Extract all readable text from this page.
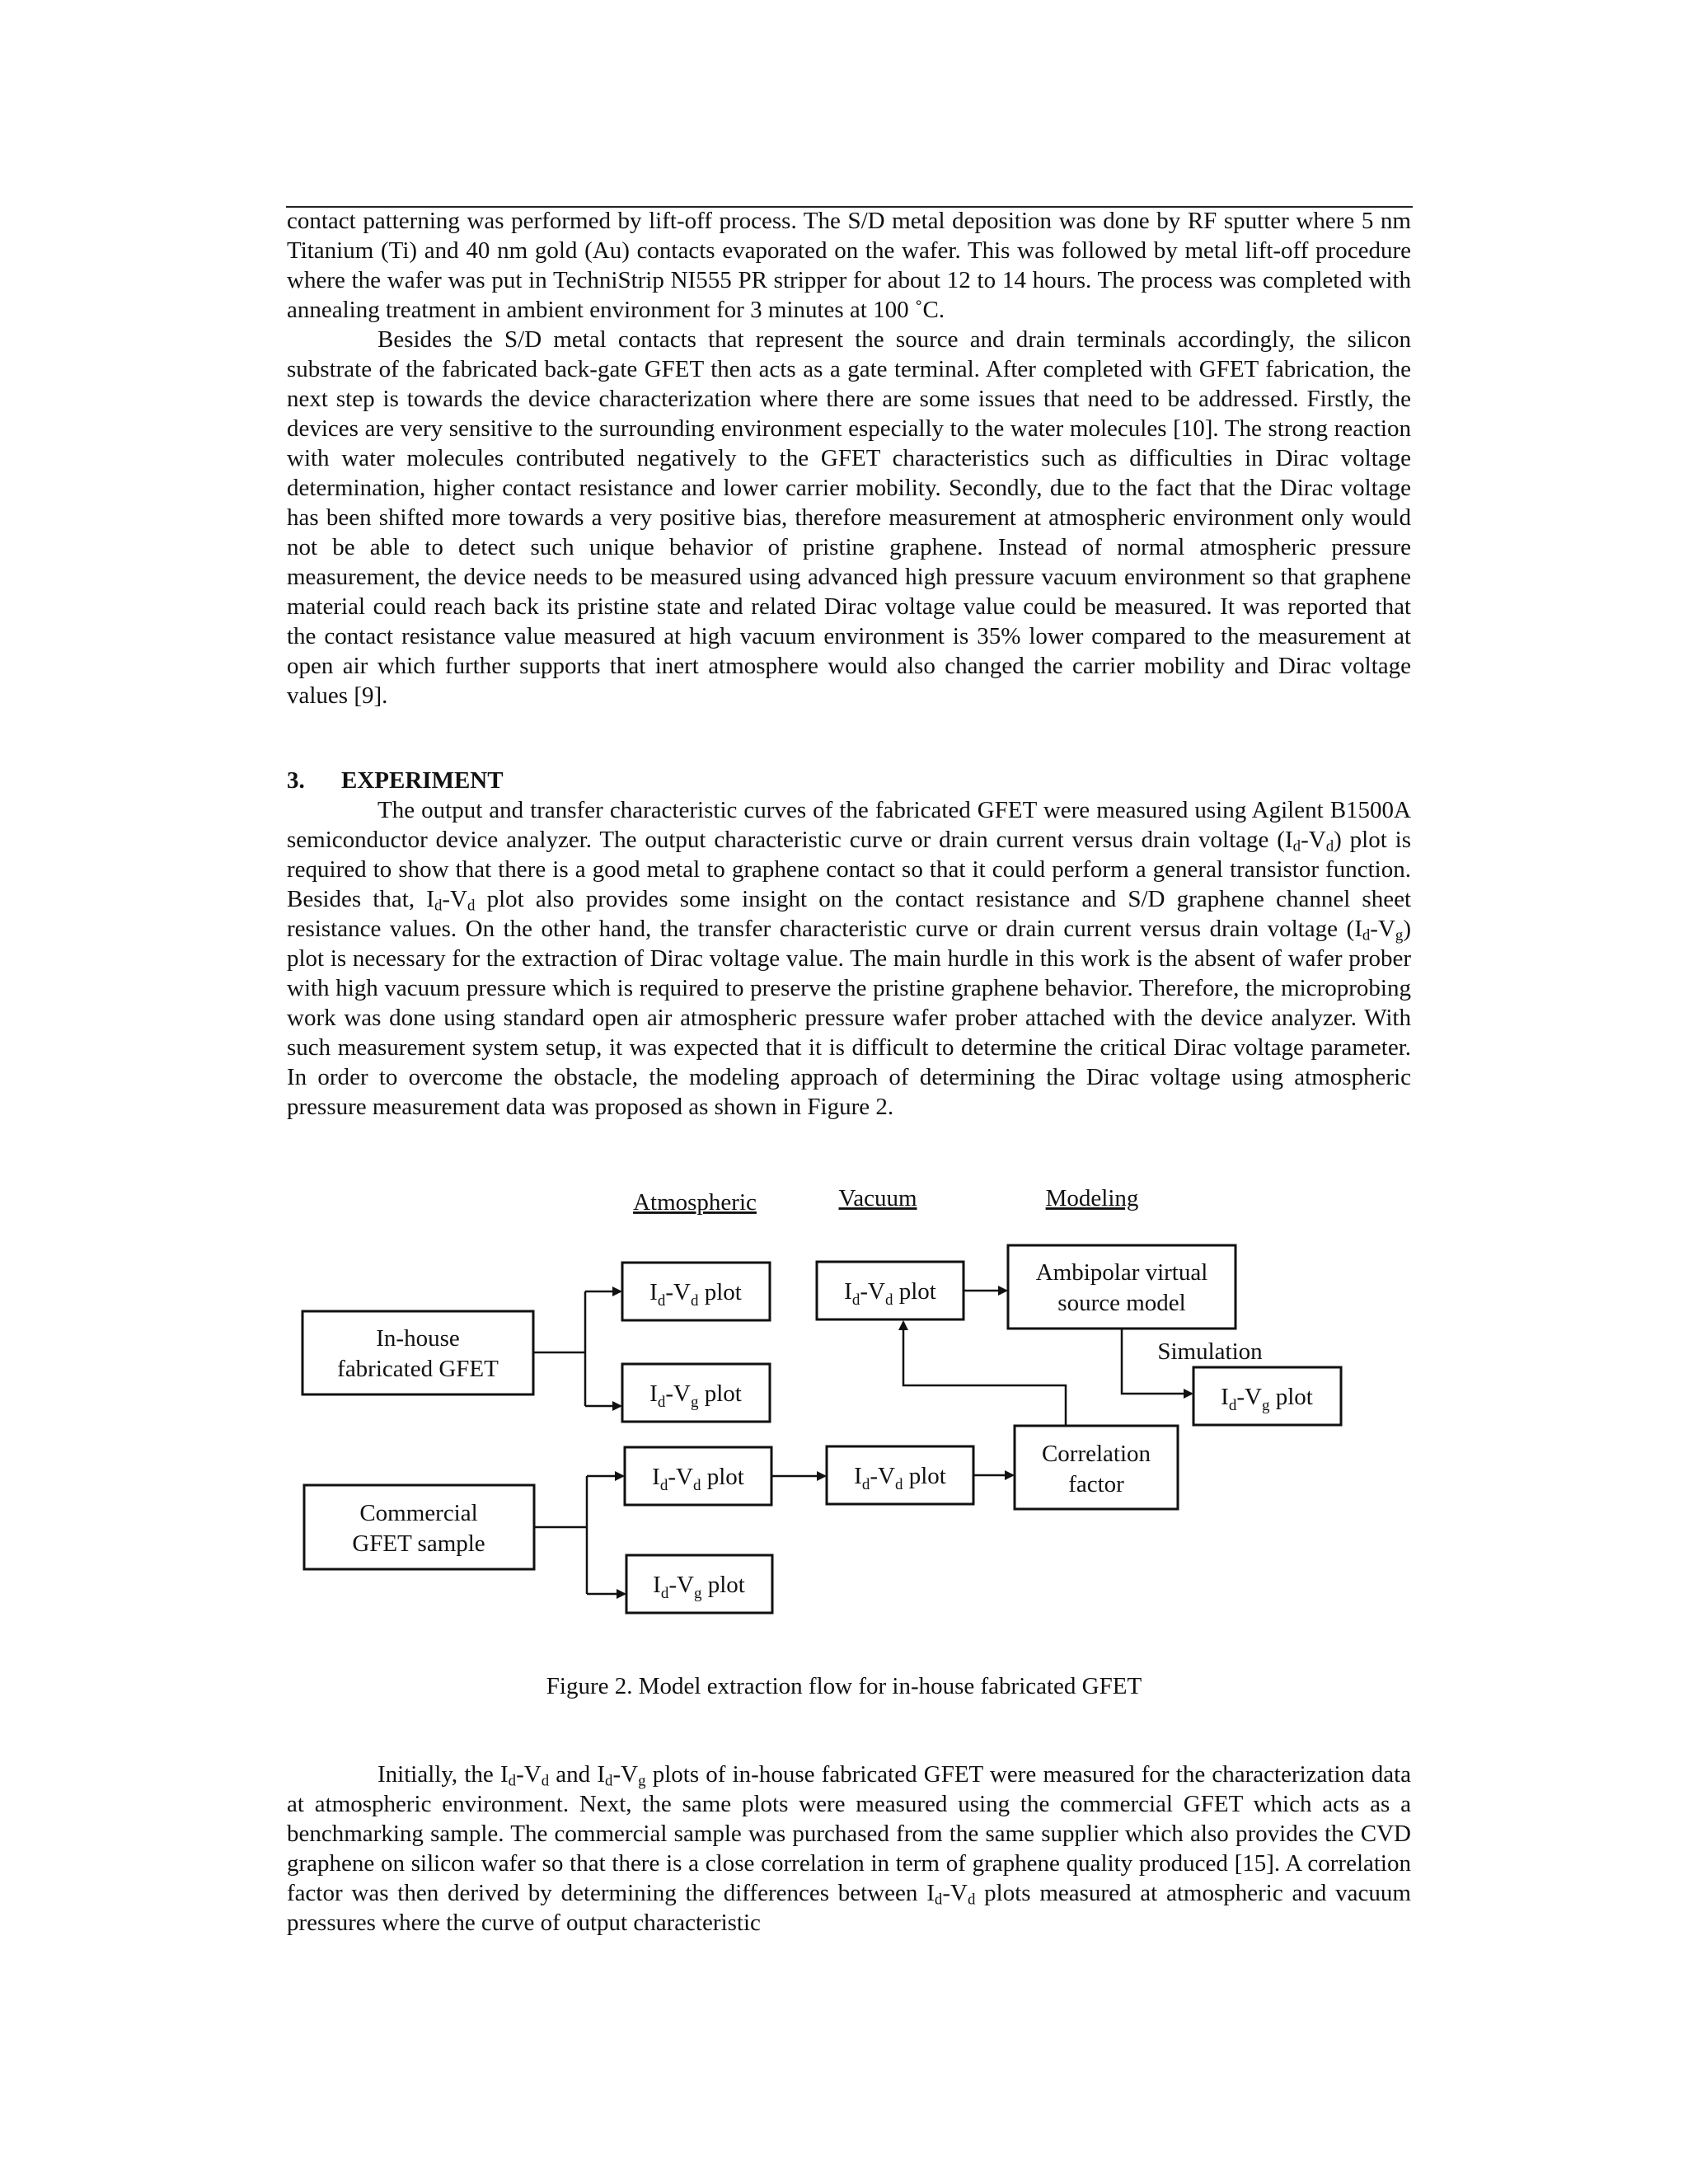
contact patterning was performed by lift-off process. The S/D metal deposition was done by RF sputter where 5 nm Titanium (Ti) and 40 nm gold (Au) contacts evaporated on the wafer. This was followed by metal lift-off procedure where the wafer was put in TechniStrip NI555 PR stripper for about 12 to 14 hours. The process was completed with annealing treatment in ambient environment for 3 minutes at 100 ˚C.

Besides the S/D metal contacts that represent the source and drain terminals accordingly, the silicon substrate of the fabricated back-gate GFET then acts as a gate terminal. After completed with GFET fabrication, the next step is towards the device characterization where there are some issues that need to be addressed. Firstly, the devices are very sensitive to the surrounding environment especially to the water molecules [10]. The strong reaction with water molecules contributed negatively to the GFET characteristics such as difficulties in Dirac voltage determination, higher contact resistance and lower carrier mobility. Secondly, due to the fact that the Dirac voltage has been shifted more towards a very positive bias, therefore measurement at atmospheric environment only would not be able to detect such unique behavior of pristine graphene. Instead of normal atmospheric pressure measurement, the device needs to be measured using advanced high pressure vacuum environment so that graphene material could reach back its pristine state and related Dirac voltage value could be measured. It was reported that the contact resistance value measured at high vacuum environment is 35% lower compared to the measurement at open air which further supports that inert atmosphere would also changed the carrier mobility and Dirac voltage values [9].

3. EXPERIMENT

The output and transfer characteristic curves of the fabricated GFET were measured using Agilent B1500A semiconductor device analyzer. The output characteristic curve or drain current versus drain voltage $(I_d-V_d)$ plot is required to show that there is a good metal to graphene contact so that it could perform a general transistor function. Besides that, $I_d-V_d$ plot also provides some insight on the contact resistance and S/D graphene channel sheet resistance values. On the other hand, the transfer characteristic curve or drain current versus drain voltage $(I_d-V_g)$ plot is necessary for the extraction of Dirac voltage value. The main hurdle in this work is the absent of wafer prober with high vacuum pressure which is required to preserve the pristine graphene behavior. Therefore, the microprobing work was done using standard open air atmospheric pressure wafer prober attached with the device analyzer. With such measurement system setup, it was expected that it is difficult to determine the critical Dirac voltage parameter. In order to overcome the obstacle, the modeling approach of determining the Dirac voltage using atmospheric pressure measurement data was proposed as shown in Figure 2.

Atmospheric	Vacuum	Modeling
In-house
fabricated GFET
Commercial
GFET sample
$I_d-V_d$ plot
$I_d-V_g$ plot
$I_d-V_d$ plot
$I_d-V_g$ plot
$I_d-V_d$ plot
$I_d-V_d$ plot
Ambipolar virtual
source model
Simulation
$I_d-V_g$ plot
Correlation
factor
Figure 2. Model extraction flow for in-house fabricated GFET

Initially, the $I_d-V_d$ and $I_d-V_g$ plots of in-house fabricated GFET were measured for the characterization data at atmospheric environment. Next, the same plots were measured using the commercial GFET which acts as a benchmarking sample. The commercial sample was purchased from the same supplier which also provides the CVD graphene on silicon wafer so that there is a close correlation in term of graphene quality produced [15]. A correlation factor was then derived by determining the differences between $I_d-V_d$ plots measured at atmospheric and vacuum pressures where the curve of output characteristic
